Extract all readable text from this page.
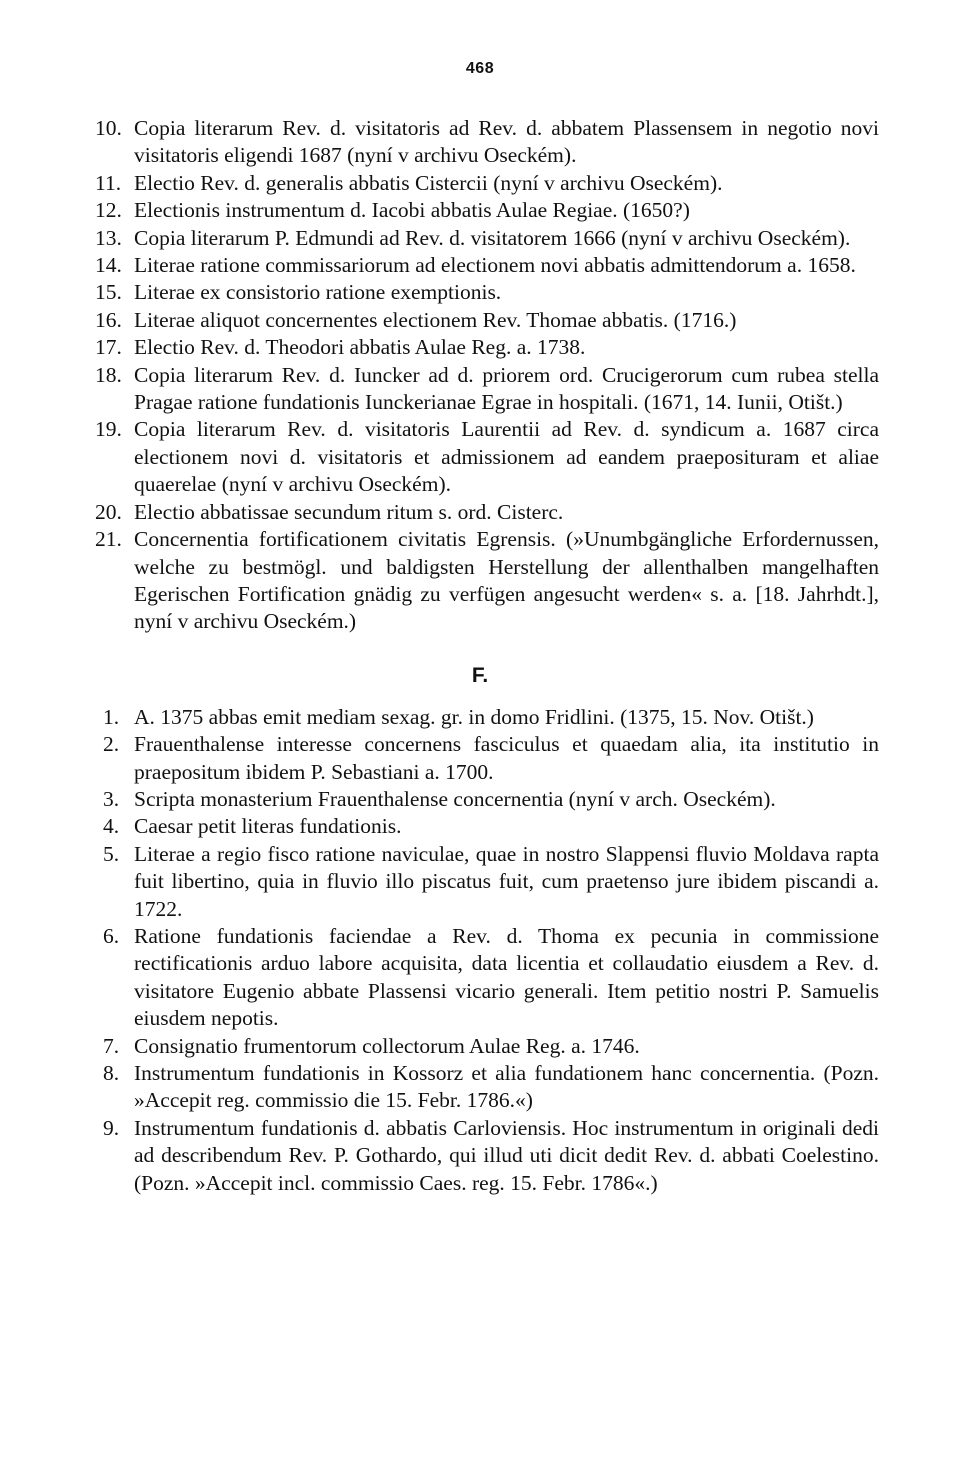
468
10. Copia literarum Rev. d. visitatoris ad Rev. d. abbatem Plassensem in negotio novi visitatoris eligendi 1687 (nyní v archivu Oseckém).
11. Electio Rev. d. generalis abbatis Cistercii (nyní v archivu Oseckém).
12. Electionis instrumentum d. Iacobi abbatis Aulae Regiae. (1650?)
13. Copia literarum P. Edmundi ad Rev. d. visitatorem 1666 (nyní v archivu Oseckém).
14. Literae ratione commissariorum ad electionem novi abbatis admittendorum a. 1658.
15. Literae ex consistorio ratione exemptionis.
16. Literae aliquot concernentes electionem Rev. Thomae abbatis. (1716.)
17. Electio Rev. d. Theodori abbatis Aulae Reg. a. 1738.
18. Copia literarum Rev. d. Iuncker ad d. priorem ord. Crucigerorum cum rubea stella Pragae ratione fundationis Iunckerianae Egrae in hospitali. (1671, 14. Iunii, Otišt.)
19. Copia literarum Rev. d. visitatoris Laurentii ad Rev. d. syndicum a. 1687 circa electionem novi d. visitatoris et admissionem ad eandem praeposituram et aliae quaerelae (nyní v archivu Oseckém).
20. Electio abbatissae secundum ritum s. ord. Cisterc.
21. Concernentia fortificationem civitatis Egrensis. (»Unumbgängliche Erfordernussen, welche zu bestmögl. und baldigsten Herstellung der allenthalben mangelhaften Egerischen Fortification gnädig zu verfügen angesucht werden« s. a. [18. Jahrhdt.], nyní v archivu Oseckém.)
F.
1. A. 1375 abbas emit mediam sexag. gr. in domo Fridlini. (1375, 15. Nov. Otišt.)
2. Frauenthalense interesse concernens fasciculus et quaedam alia, ita institutio in praepositum ibidem P. Sebastiani a. 1700.
3. Scripta monasterium Frauenthalense concernentia (nyní v arch. Oseckém).
4. Caesar petit literas fundationis.
5. Literae a regio fisco ratione naviculae, quae in nostro Slappensi fluvio Moldava rapta fuit libertino, quia in fluvio illo piscatus fuit, cum praetenso jure ibidem piscandi a. 1722.
6. Ratione fundationis faciendae a Rev. d. Thoma ex pecunia in commissione rectificationis arduo labore acquisita, data licentia et collaudatio eiusdem a Rev. d. visitatore Eugenio abbate Plassensi vicario generali. Item petitio nostri P. Samuelis eiusdem nepotis.
7. Consignatio frumentorum collectorum Aulae Reg. a. 1746.
8. Instrumentum fundationis in Kossorz et alia fundationem hanc concernentia. (Pozn. »Accepit reg. commissio die 15. Febr. 1786.«)
9. Instrumentum fundationis d. abbatis Carloviensis. Hoc instrumentum in originali dedi ad describendum Rev. P. Gothardo, qui illud uti dicit dedit Rev. d. abbati Coelestino. (Pozn. »Accepit incl. commissio Caes. reg. 15. Febr. 1786«.)
